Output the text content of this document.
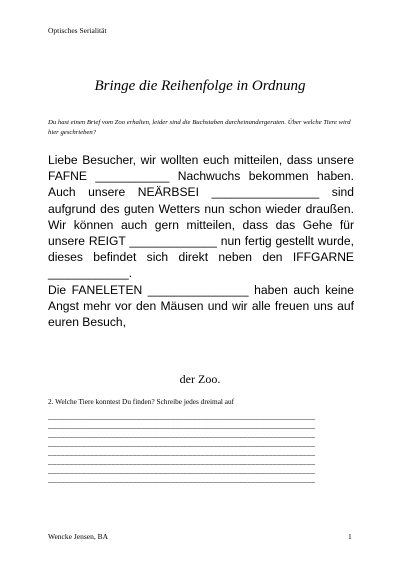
Optisches Serialität
Bringe die Reihenfolge in Ordnung
Du hast einen Brief vom Zoo erhalten, leider sind die Buchstaben durcheinandergeraten. Über welche Tiere wird hier geschrieben?

Liebe Besucher, wir wollten euch mitteilen, dass unsere FAFNE ___________ Nachwuchs bekommen haben. Auch unsere NEÄRBSEI ________________ sind aufgrund des guten Wetters nun schon wieder draußen. Wir können auch gern mitteilen, dass das Gehe für unsere REIGT _____________ nun fertig gestellt wurde, dieses befindet sich direkt neben den IFFGARNE ____________.

Die FANELETEN _______________ haben auch keine Angst mehr vor den Mäusen und wir alle freuen uns auf euren Besuch,

der Zoo.
2. Welche Tiere konntest Du finden? Schreibe jedes dreimal auf
_______________________________________________________________
_______________________________________________________________
_______________________________________________________________
_______________________________________________________________
_______________________________________________________________
_______________________________________________________________
_______________________________________________________________
_______________________________________________________________
Wencke Jensen, BA	1
